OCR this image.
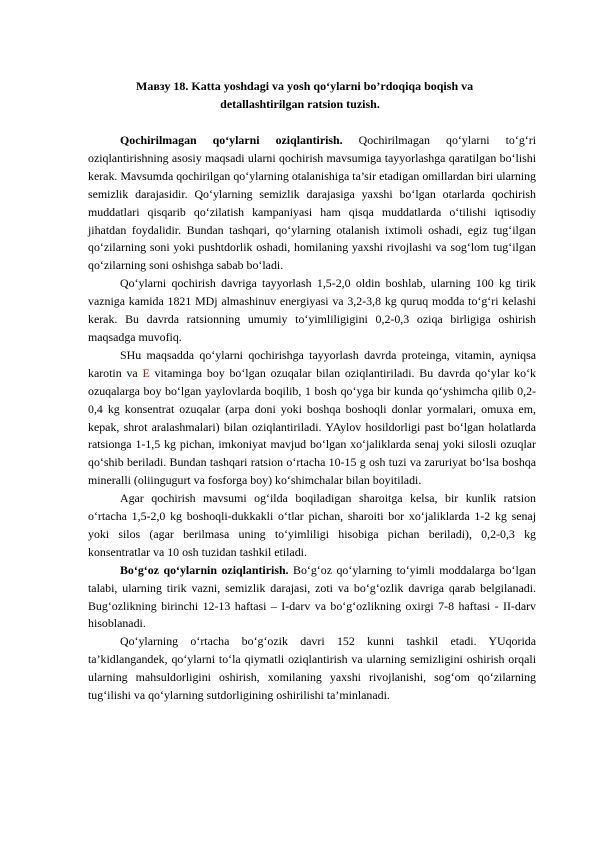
Мавзу 18. Katta yoshdagi va yosh qo‘ylarni bo’rdoqiqa boqish va
detallashtirilgan ratsion tuzish.

Qochirilmagan qo‘ylarni oziqlantirish. Qochirilmagan qo‘ylarni to‘g‘ri oziqlantirishning asosiy maqsadi ularni qochirish mavsumiga tayyorlashga qaratilgan bo‘lishi kerak. Mavsumda qochirilgan qo‘ylarning otalanishiga ta’sir etadigan omillardan biri ularning semizlik darajasidir. Qo‘ylarning semizlik darajasiga yaxshi bo‘lgan otarlarda qochirish muddatlari qisqarib qo‘zilatish kampaniyasi ham qisqa muddatlarda o‘tilishi iqtisodiy jihatdan foydalidir. Bundan tashqari, qo‘ylarning otalanish ixtimoli oshadi, egiz tug‘ilgan qo‘zilarning soni yoki pushtdorlik oshadi, homilaning yaxshi rivojlashi va sog‘lom tug‘ilgan qo‘zilarning soni oshishga sabab bo‘ladi.

Qo‘ylarni qochirish davriga tayyorlash 1,5-2,0 oldin boshlab, ularning 100 kg tirik vazniga kamida 1821 MDj almashinuv energiyasi va 3,2-3,8 kg quruq modda to‘g‘ri kelashi kerak. Bu davrda ratsionning umumiy to‘yimliligigini 0,2-0,3 oziqa birligiga oshirish maqsadga muvofiq.

SHu maqsadda qo‘ylarni qochirishga tayyorlash davrda proteinga, vitamin, ayniqsa karotin va E vitaminga boy bo‘lgan ozuqalar bilan oziqlantiriladi. Bu davrda qo‘ylar ko‘k ozuqalarga boy bo‘lgan yaylovlarda boqilib, 1 bosh qo‘yga bir kunda qo‘yshimcha qilib 0,2-0,4 kg konsentrat ozuqalar (arpa doni yoki boshqa boshoqli donlar yormalari, omuxa em, kepak, shrot aralashmalari) bilan oziqlantiriladi. YAylov hosildorligi past bo‘lgan holatlarda ratsionga 1-1,5 kg pichan, imkoniyat mavjud bo‘lgan xo‘jaliklarda senaj yoki silosli ozuqlar qo‘shib beriladi. Bundan tashqari ratsion o‘rtacha 10-15 g osh tuzi va zaruriyat bo‘lsa boshqa mineralli (oliingugurt va fosforga boy) ko‘shimchalar bilan boyitiladi.

Agar qochirish mavsumi og‘ilda boqiladigan sharoitga kelsa, bir kunlik ratsion o‘rtacha 1,5-2,0 kg boshoqli-dukkakli o‘tlar pichan, sharoiti bor xo‘jaliklarda 1-2 kg senaj yoki silos (agar berilmasa uning to‘yimliligi hisobiga pichan beriladi), 0,2-0,3 kg konsentratlar va 10 osh tuzidan tashkil etiladi.

Bo‘g‘oz qo‘ylarnin oziqlantirish. Bo‘g‘oz qo‘ylarning to‘yimli moddalarga bo‘lgan talabi, ularning tirik vazni, semizlik darajasi, zoti va bo‘g‘ozlik davriga qarab belgilanadi. Bug‘ozlikning birinchi 12-13 haftasi – I-darv va bo‘g‘ozlikning oxirgi 7-8 haftasi - II-darv hisoblanadi.

Qo‘ylarning o‘rtacha bo‘g‘ozik davri 152 kunni tashkil etadi. YUqorida ta’kidlangandek, qo‘ylarni to‘la qiymatli oziqlantirish va ularning semizligini oshirish orqali ularning mahsuldorligini oshirish, xomilaning yaxshi rivojlanishi, sog‘om qo‘zilarning tug‘ilishi va qo‘ylarning sutdorligining oshirilishi ta’minlanadi.
